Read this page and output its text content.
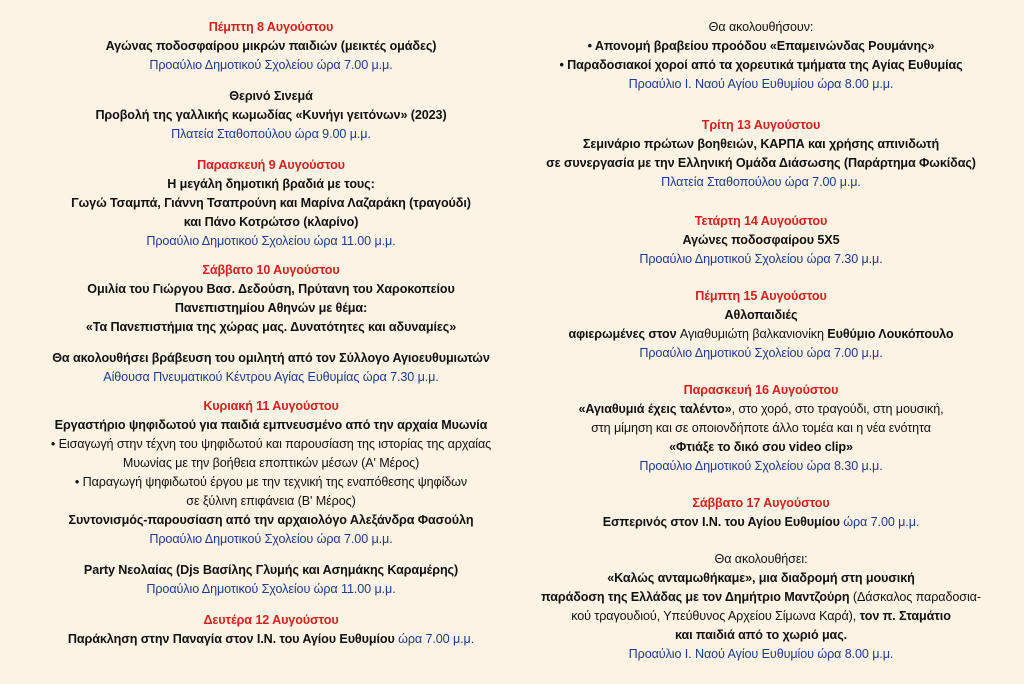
Πέμπτη 8 Αυγούστου
Αγώνας ποδοσφαίρου μικρών παιδιών (μεικτές ομάδες)
Προαύλιο Δημοτικού Σχολείου ώρα 7.00 μ.μ.
Θερινό Σινεμά
Προβολή της γαλλικής κωμωδίας «Κυνήγι γειτόνων» (2023)
Πλατεία Σταθοπούλου ώρα 9.00 μ.μ.
Παρασκευή 9 Αυγούστου
Η μεγάλη δημοτική βραδιά με τους:
Γωγώ Τσαμπά, Γιάννη Τσαπρούνη και Μαρίνα Λαζαράκη (τραγούδι)
και Πάνο Κοτρώτσο (κλαρίνο)
Προαύλιο Δημοτικού Σχολείου ώρα 11.00 μ.μ.
Σάββατο 10 Αυγούστου
Ομιλία του Γιώργου Βασ. Δεδούση, Πρύτανη του Χαροκοπείου
Πανεπιστημίου Αθηνών με θέμα:
«Τα Πανεπιστήμια της χώρας μας. Δυνατότητες και αδυναμίες»
Θα ακολουθήσει βράβευση του ομιλητή από τον Σύλλογο Αγιοευθυμιωτών
Αίθουσα Πνευματικού Κέντρου Αγίας Ευθυμίας ώρα 7.30 μ.μ.
Κυριακή 11 Αυγούστου
Εργαστήριο ψηφιδωτού για παιδιά εμπνευσμένο από την αρχαία Μυωνία
• Εισαγωγή στην τέχνη του ψηφιδωτού και παρουσίαση της ιστορίας της αρχαίας
Μυωνίας με την βοήθεια εποπτικών μέσων (Α' Μέρος)
• Παραγωγή ψηφιδωτού έργου με την τεχνική της εναπόθεσης ψηφίδων
σε ξύλινη επιφάνεια (Β' Μέρος)
Συντονισμός-παρουσίαση από την αρχαιολόγο Αλεξάνδρα Φασούλη
Προαύλιο Δημοτικού Σχολείου ώρα 7.00 μ.μ.
Party Νεολαίας (Djs Βασίλης Γλυμής και Ασημάκης Καραμέρης)
Προαύλιο Δημοτικού Σχολείου ώρα 11.00 μ.μ.
Δευτέρα 12 Αυγούστου
Παράκληση στην Παναγία στον Ι.Ν. του Αγίου Ευθυμίου ώρα 7.00 μ.μ.
Θα ακολουθήσουν:
• Απονομή βραβείου προόδου «Επαμεινώνδας Ρουμάνης»
• Παραδοσιακοί χοροί από τα χορευτικά τμήματα της Αγίας Ευθυμίας
Προαύλιο Ι. Ναού Αγίου Ευθυμίου ώρα 8.00 μ.μ.
Τρίτη 13 Αυγούστου
Σεμινάριο πρώτων βοηθειών, ΚΑΡΠΑ και χρήσης απινιδωτή
σε συνεργασία με την Ελληνική Ομάδα Διάσωσης (Παράρτημα Φωκίδας)
Πλατεία Σταθοπούλου ώρα 7.00 μ.μ.
Τετάρτη 14 Αυγούστου
Αγώνες ποδοσφαίρου 5Χ5
Προαύλιο Δημοτικού Σχολείου ώρα 7.30 μ.μ.
Πέμπτη 15 Αυγούστου
Αθλοπαιδιές
αφιερωμένες στον Αγιαθυμιώτη βαλκανιονίκη Ευθύμιο Λουκόπουλο
Προαύλιο Δημοτικού Σχολείου ώρα 7.00 μ.μ.
Παρασκευή 16 Αυγούστου
«Αγιαθυμιά έχεις ταλέντο», στο χορό, στο τραγούδι, στη μουσική,
στη μίμηση και σε οποιονδήποτε άλλο τομέα και η νέα ενότητα
«Φτιάξε το δικό σου video clip»
Προαύλιο Δημοτικού Σχολείου ώρα 8.30 μ.μ.
Σάββατο 17 Αυγούστου
Εσπερινός στον Ι.Ν. του Αγίου Ευθυμίου ώρα 7.00 μ.μ.
Θα ακολουθήσει:
«Καλώς ανταμωθήκαμε», μια διαδρομή στη μουσική
παράδοση της Ελλάδας με τον Δημήτριο Μαντζούρη (Δάσκαλος παραδοσια-
κού τραγουδιού, Υπεύθυνος Αρχείου Σίμωνα Καρά), τον π. Σταμάτιο
και παιδιά από το χωριό μας.
Προαύλιο Ι. Ναού Αγίου Ευθυμίου ώρα 8.00 μ.μ.
